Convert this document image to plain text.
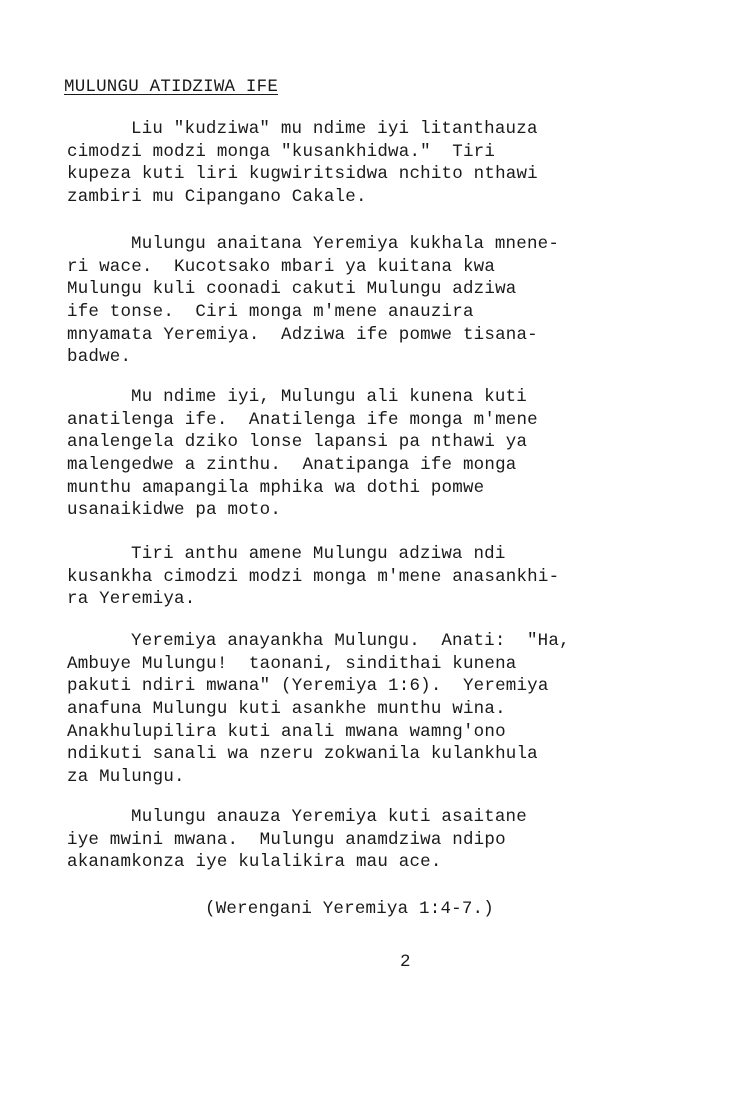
MULUNGU ATIDZIWA IFE
Liu "kudziwa" mu ndime iyi litanthauza
cimodzi modzi monga "kusankhidwa."  Tiri
kupeza kuti liri kugwiritsidwa nchito nthawi
zambiri mu Cipangano Cakale.
Mulungu anaitana Yeremiya kukhala mnene-
ri wace.  Kucotsako mbari ya kuitana kwa
Mulungu kuli coonadi cakuti Mulungu adziwa
ife tonse.  Ciri monga m'mene anauzira
mnyamata Yeremiya.  Adziwa ife pomwe tisana-
badwe.
Mu ndime iyi, Mulungu ali kunena kuti
anatilenga ife.  Anatilenga ife monga m'mene
analengela dziko lonse lapansi pa nthawi ya
malengedwe a zinthu.  Anatipanga ife monga
munthu amapangila mphika wa dothi pomwe
usanaikidwe pa moto.
Tiri anthu amene Mulungu adziwa ndi
kusankha cimodzi modzi monga m'mene anasankhi-
ra Yeremiya.
Yeremiya anayankha Mulungu.  Anati:  "Ha,
Ambuye Mulungu!  taonani, sindithai kunena
pakuti ndiri mwana" (Yeremiya 1:6).  Yeremiya
anafuna Mulungu kuti asankhe munthu wina.
Anakhulupilira kuti anali mwana wamng'ono
ndikuti sanali wa nzeru zokwanila kulankhula
za Mulungu.
Mulungu anauza Yeremiya kuti asaitane
iye mwini mwana.  Mulungu anamdziwa ndipo
akanamkonza iye kulalikira mau ace.
(Werengani Yeremiya 1:4-7.)
2
